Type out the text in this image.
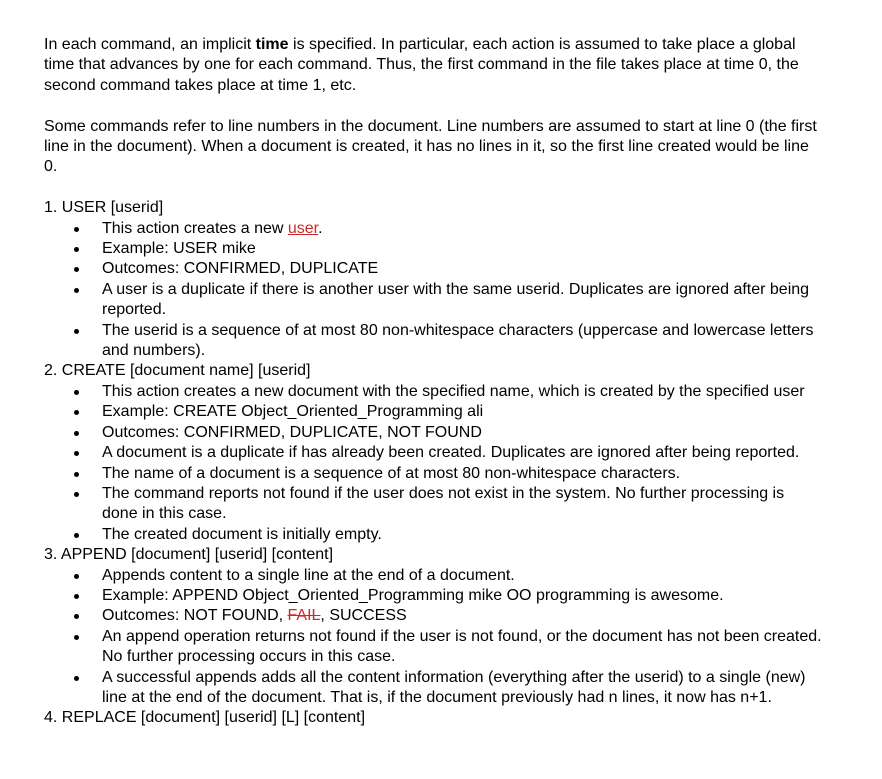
In each command, an implicit time is specified. In particular, each action is assumed to take place a global time that advances by one for each command. Thus, the first command in the file takes place at time 0, the second command takes place at time 1, etc.

Some commands refer to line numbers in the document. Line numbers are assumed to start at line 0 (the first line in the document). When a document is created, it has no lines in it, so the first line created would be line 0.

1. USER [userid]

This action creates a new user.
Example: USER mike
Outcomes: CONFIRMED, DUPLICATE
A user is a duplicate if there is another user with the same userid. Duplicates are ignored after being reported.
The userid is a sequence of at most 80 non-whitespace characters (uppercase and lowercase letters and numbers).

2. CREATE [document name] [userid]

This action creates a new document with the specified name, which is created by the specified user
Example: CREATE Object_Oriented_Programming ali
Outcomes: CONFIRMED, DUPLICATE, NOT FOUND
A document is a duplicate if has already been created. Duplicates are ignored after being reported.
The name of a document is a sequence of at most 80 non-whitespace characters.
The command reports not found if the user does not exist in the system. No further processing is done in this case.
The created document is initially empty.

3. APPEND [document] [userid] [content]

Appends content to a single line at the end of a document.
Example: APPEND Object_Oriented_Programming mike OO programming is awesome.
Outcomes: NOT FOUND, FAIL, SUCCESS
An append operation returns not found if the user is not found, or the document has not been created. No further processing occurs in this case.
A successful appends adds all the content information (everything after the userid) to a single (new) line at the end of the document. That is, if the document previously had n lines, it now has n+1.

4. REPLACE [document] [userid] [L] [content]
